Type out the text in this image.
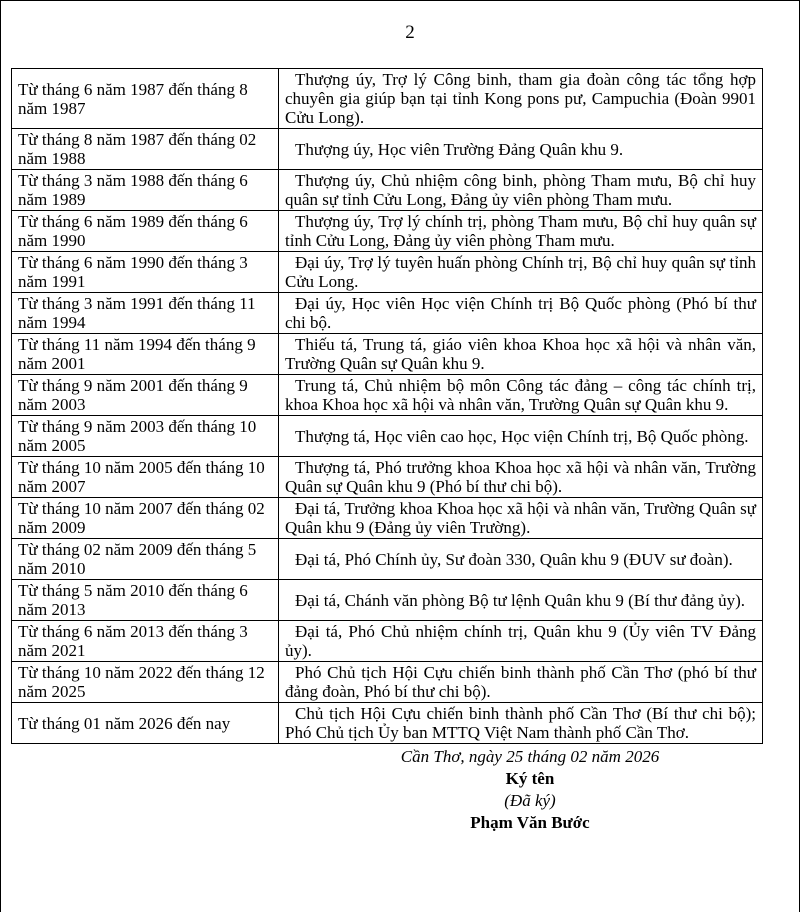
2
Từ tháng 6 năm 1987 đến tháng 8 năm 1987	Thượng úy, Trợ lý Công binh, tham gia đoàn công tác tổng hợp chuyên gia giúp bạn tại tỉnh Kong pons pư, Campuchia (Đoàn 9901 Cửu Long).
Từ tháng 8 năm 1987 đến tháng 02 năm 1988	Thượng úy, Học viên Trường Đảng Quân khu 9.
Từ tháng 3 năm 1988 đến tháng 6 năm 1989	Thượng úy, Chủ nhiệm công binh, phòng Tham mưu, Bộ chỉ huy quân sự tỉnh Cửu Long, Đảng ủy viên phòng Tham mưu.
Từ tháng 6 năm 1989 đến tháng 6 năm 1990	Thượng úy, Trợ lý chính trị, phòng Tham mưu, Bộ chỉ huy quân sự tỉnh Cửu Long, Đảng ủy viên phòng Tham mưu.
Từ tháng 6 năm 1990 đến tháng 3 năm 1991	Đại úy, Trợ lý tuyên huấn phòng Chính trị, Bộ chỉ huy quân sự tỉnh Cửu Long.
Từ tháng 3 năm 1991 đến tháng 11 năm 1994	Đại úy, Học viên Học viện Chính trị Bộ Quốc phòng (Phó bí thư chi bộ.
Từ tháng 11 năm 1994 đến tháng 9 năm 2001	Thiếu tá, Trung tá, giáo viên khoa Khoa học xã hội và nhân văn, Trường Quân sự Quân khu 9.
Từ tháng 9 năm 2001 đến tháng 9 năm 2003	Trung tá, Chủ nhiệm bộ môn Công tác đảng – công tác chính trị, khoa Khoa học xã hội và nhân văn, Trường Quân sự Quân khu 9.
Từ tháng 9 năm 2003 đến tháng 10 năm 2005	Thượng tá, Học viên cao học, Học viện Chính trị, Bộ Quốc phòng.
Từ tháng 10 năm 2005 đến tháng 10 năm 2007	Thượng tá, Phó trưởng khoa Khoa học xã hội và nhân văn, Trường Quân sự Quân khu 9 (Phó bí thư chi bộ).
Từ tháng 10 năm 2007 đến tháng 02 năm 2009	Đại tá, Trưởng khoa Khoa học xã hội và nhân văn, Trường Quân sự Quân khu 9 (Đảng ủy viên Trường).
Từ tháng 02 năm 2009 đến tháng 5 năm 2010	Đại tá, Phó Chính ủy, Sư đoàn 330, Quân khu 9 (ĐUV sư đoàn).
Từ tháng 5 năm 2010 đến tháng 6 năm 2013	Đại tá, Chánh văn phòng Bộ tư lệnh Quân khu 9 (Bí thư đảng ủy).
Từ tháng 6 năm 2013 đến tháng 3 năm 2021	Đại tá, Phó Chủ nhiệm chính trị, Quân khu 9 (Ủy viên TV Đảng ủy).
Từ tháng 10 năm 2022 đến tháng 12 năm 2025	Phó Chủ tịch Hội Cựu chiến binh thành phố Cần Thơ (phó bí thư đảng đoàn, Phó bí thư chi bộ).
Từ tháng 01 năm 2026 đến nay	Chủ tịch Hội Cựu chiến binh thành phố Cần Thơ (Bí thư chi bộ); Phó Chủ tịch Ủy ban MTTQ Việt Nam thành phố Cần Thơ.
Cần Thơ, ngày 25 tháng 02 năm 2026
Ký tên
(Đã ký)
Phạm Văn Bước
